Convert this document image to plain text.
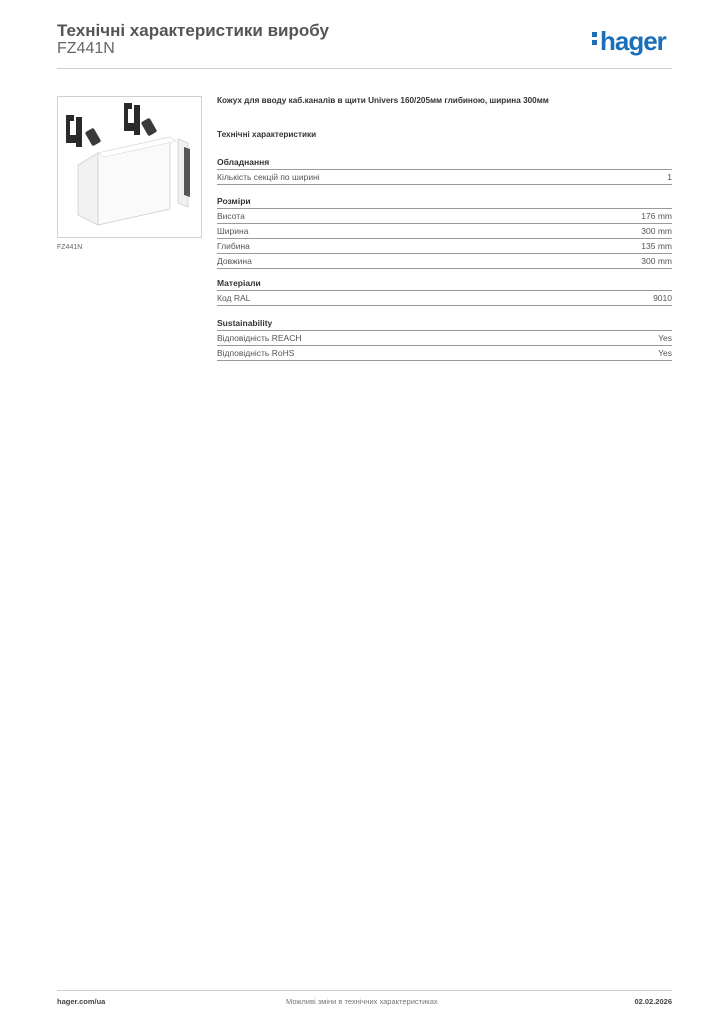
Технічні характеристики виробу
FZ441N	hager
FZ441N
Кожух для вводу каб.каналів в щити Univers 160/205мм глибиною, ширина 300мм
Технічні характеристики
Обладнання
Кількість секцій по ширині	1
Розміри
Висота	176 mm
Ширина	300 mm
Глибина	135 mm
Довжина	300 mm
Матеріали
Код RAL	9010
Sustainability
Відповідність REACH	Yes
Відповідність RoHS	Yes
hager.com/ua	Можливі зміни в технічних характеристиках	02.02.2026
